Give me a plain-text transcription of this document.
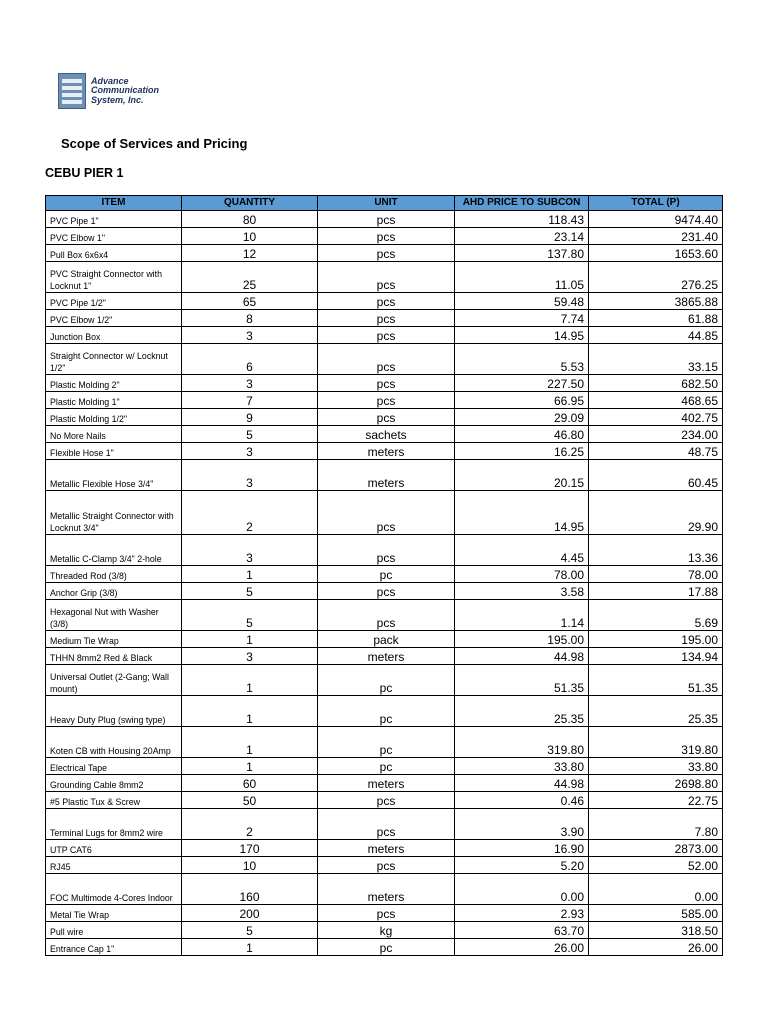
Advance
Communication
System, Inc.
Scope of Services and Pricing
CEBU PIER 1
ITEM	QUANTITY	UNIT	AHD PRICE TO SUBCON	TOTAL (P)
PVC Pipe 1"	80	pcs	118.43	9474.40
PVC Elbow 1"	10	pcs	23.14	231.40
Pull Box 6x6x4	12	pcs	137.80	1653.60
PVC Straight Connector with Locknut 1"	25	pcs	11.05	276.25
PVC Pipe 1/2"	65	pcs	59.48	3865.88
PVC Elbow 1/2"	8	pcs	7.74	61.88
Junction Box	3	pcs	14.95	44.85
Straight Connector w/ Locknut 1/2"	6	pcs	5.53	33.15
Plastic Molding 2"	3	pcs	227.50	682.50
Plastic Molding 1"	7	pcs	66.95	468.65
Plastic Molding 1/2"	9	pcs	29.09	402.75
No More Nails	5	sachets	46.80	234.00
Flexible Hose 1"	3	meters	16.25	48.75
Metallic Flexible Hose 3/4"	3	meters	20.15	60.45
Metallic Straight Connector with Locknut 3/4"	2	pcs	14.95	29.90
Metallic C-Clamp 3/4" 2-hole	3	pcs	4.45	13.36
Threaded Rod (3/8)	1	pc	78.00	78.00
Anchor Grip (3/8)	5	pcs	3.58	17.88
Hexagonal Nut with Washer (3/8)	5	pcs	1.14	5.69
Medium Tie Wrap	1	pack	195.00	195.00
THHN 8mm2 Red & Black	3	meters	44.98	134.94
Universal Outlet (2-Gang; Wall mount)	1	pc	51.35	51.35
Heavy Duty Plug (swing type)	1	pc	25.35	25.35
Koten CB with Housing 20Amp	1	pc	319.80	319.80
Electrical Tape	1	pc	33.80	33.80
Grounding Cable 8mm2	60	meters	44.98	2698.80
#5 Plastic Tux & Screw	50	pcs	0.46	22.75
Terminal Lugs for 8mm2 wire	2	pcs	3.90	7.80
UTP CAT6	170	meters	16.90	2873.00
RJ45	10	pcs	5.20	52.00
FOC Multimode 4-Cores Indoor	160	meters	0.00	0.00
Metal Tie Wrap	200	pcs	2.93	585.00
Pull wire	5	kg	63.70	318.50
Entrance Cap 1"	1	pc	26.00	26.00
